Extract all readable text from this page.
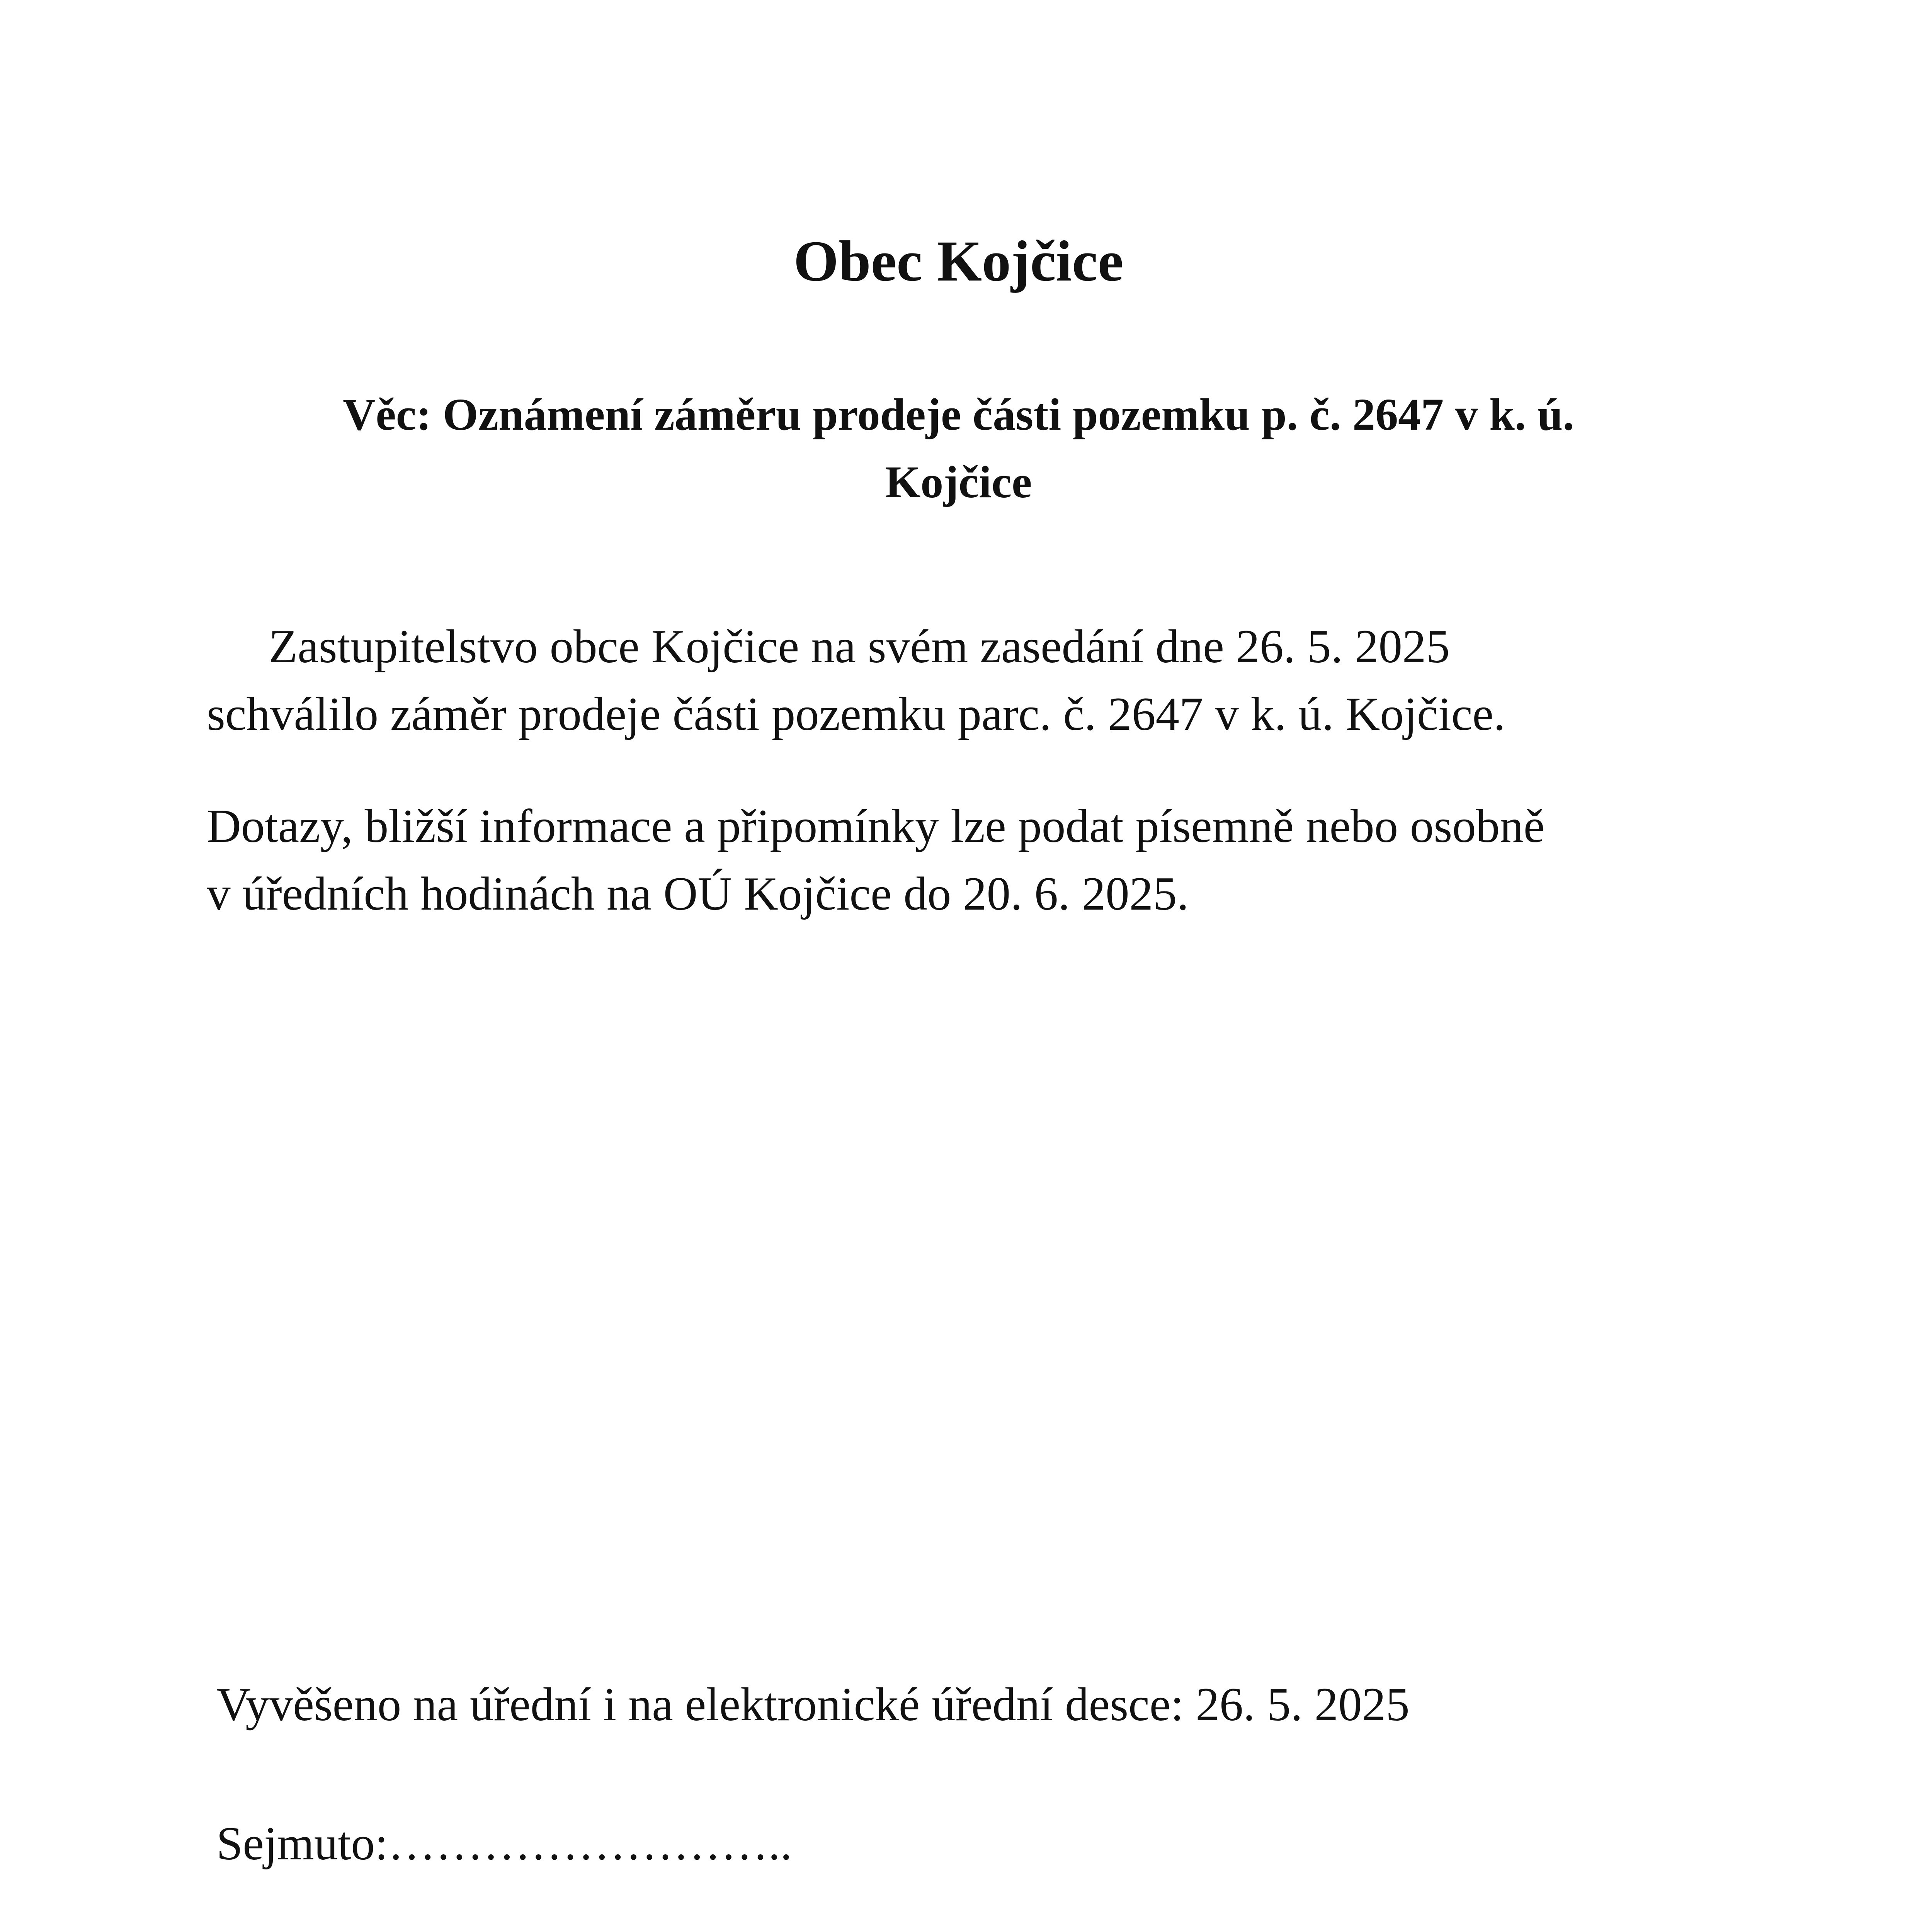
Obec Kojčice
Věc: Oznámení záměru prodeje části pozemku p. č. 2647 v k. ú.
Kojčice
Zastupitelstvo obce Kojčice na svém zasedání dne 26. 5. 2025
schválilo záměr prodeje části pozemku parc. č. 2647 v k. ú. Kojčice.
Dotazy, bližší informace a připomínky lze podat písemně nebo osobně
v úředních hodinách na OÚ Kojčice do 20. 6. 2025.
Vyvěšeno na úřední i na elektronické úřední desce: 26. 5. 2025
Sejmuto:……………………..
